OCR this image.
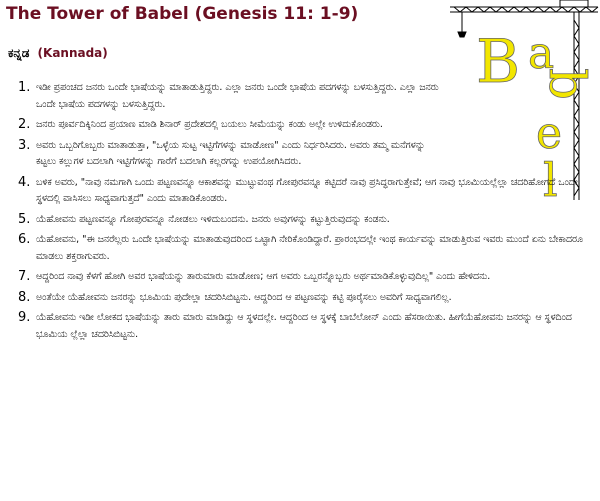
The Tower of Babel (Genesis 11: 1-9)
ಕನ್ನಡ (Kannada)	B a
b
e
l
1. ಇಡೀ ಪ್ರಪಂಚದ ಜನರು ಒಂದೇ ಭಾಷೆಯನ್ನು ಮಾತಾಡುತ್ತಿದ್ದರು. ಎಲ್ಲಾ ಜನರು ಒಂದೇ ಭಾಷೆಯ ಪದಗಳನ್ನು ಬಳಸುತ್ತಿದ್ದರು. ಎಲ್ಲಾ ಜನರು ಒಂದೇ ಭಾಷೆಯ ಪದಗಳನ್ನು ಬಳಸುತ್ತಿದ್ದರು.
2. ಜನರು ಪೂರ್ವದಿಕ್ಕಿನಿಂದ ಪ್ರಯಾಣ ಮಾಡಿ ಶಿನಾರ್ ಪ್ರದೇಶದಲ್ಲಿ ಬಯಲು ಸೀಮೆಯನ್ನು ಕಂಡು ಅಲ್ಲೇ ಉಳಿದುಕೊಂಡರು.
3. ಅವರು ಒಬ್ಬರಿಗೊಬ್ಬರು ಮಾತಾಡುತ್ತಾ, "ಒಳ್ಳೆಯ ಸುಟ್ಟ ಇಟ್ಟಿಗೆಗಳನ್ನು ಮಾಡೋಣ" ಎಂದು ನಿರ್ಧರಿಸಿದರು. ಅವರು ತಮ್ಮ ಮನೆಗಳನ್ನು ಕಟ್ಟಲು ಕಲ್ಲುಗಳ ಬದಲಾಗಿ ಇಟ್ಟಿಗೆಗಳನ್ನು ಗಾರೆಗೆ ಬದಲಾಗಿ ಕಲ್ಲರಗನ್ನು ಉಪಯೋಗಿಸಿದರು.
4. ಬಳಿಕ ಅವರು, "ನಾವು ನಮಗಾಗಿ ಒಂದು ಪಟ್ಟಣವನ್ನೂ ಆಕಾಶವನ್ನು ಮುಟ್ಟುವಂಥ ಗೋಪುರವನ್ನೂ ಕಟ್ಟಿದರೆ ನಾವು ಪ್ರಸಿದ್ಧರಾಗುತ್ತೇವೆ; ಆಗ ನಾವು ಭೂಮಿಯಲ್ಲೆಲ್ಲಾ ಚದರಿಹೋಗದೆ ಒಂದೇ ಸ್ಥಳದಲ್ಲಿ ವಾಸಿಸಲು ಸಾಧ್ಯವಾಗುತ್ತದೆ" ಎಂದು ಮಾತಾಡಿಕೊಂಡರು.
5. ಯೆಹೋವನು ಪಟ್ಟಣವನ್ನೂ ಗೋಪುರವನ್ನೂ ನೋಡಲು ಇಳಿದುಬಂದನು. ಜನರು ಅವುಗಳನ್ನು ಕಟ್ಟುತ್ತಿರುವುದನ್ನು ಕಂಡನು.
6. ಯೆಹೋವನು, "ಈ ಜನರೆಲ್ಲರು ಒಂದೇ ಭಾಷೆಯನ್ನು ಮಾತಾಡುವುದರಿಂದ ಒಟ್ಟಾಗಿ ನೇರಿಕೊಂಡಿದ್ದಾರೆ. ಪ್ರಾರಂಭದಲ್ಲೇ ಇಂಥ ಕಾರ್ಯವನ್ನು ಮಾಡುತ್ತಿರುವ ಇವರು ಮುಂದೆ ಏನು ಬೇಕಾದರೂ ಮಾಡಲು ಶಕ್ತರಾಗುವರು.
7. ಆದ್ದರಿಂದ ನಾವು ಕೆಳಗೆ ಹೋಗಿ ಅವರ ಭಾಷೆಯನ್ನು ತಾರುಮಾರು ಮಾಡೋಣ; ಆಗ ಅವರು ಒಬ್ಬರನ್ನೊಬ್ಬರು ಅರ್ಥಮಾಡಿಕೊಳ್ಳುವುದಿಲ್ಲ" ಎಂದು ಹೇಳಿದನು.
8. ಅಂತೆಯೇ ಯೆಹೋವನು ಜನರನ್ನು ಭೂಮಿಯ ಪುದೇಲ್ಲಾ ಚದರಿಸಿಬಿಟ್ಟನು. ಆದ್ದರಿಂದ ಆ ಪಟ್ಟಣವನ್ನು ಕಟ್ಟಿ ಪೂರೈಸಲು ಅವರಿಗೆ ಸಾಧ್ಯವಾಗಲಿಲ್ಲ.
9. ಯೆಹೋವನು ಇಡೀ ಲೋಕದ ಭಾಷೆಯನ್ನು ತಾರು ಮಾರು ಮಾಡಿದ್ದು ಆ ಸ್ಥಳದಲ್ಲೇ. ಆದ್ದರಿಂದ ಆ ಸ್ಥಳಕ್ಕೆ ಬಾಬೆಲೋನ್ ಎಂದು ಹೆಸರಾಯಿತು. ಹೀಗೆಯೆಹೋವನು ಜನರನ್ನು ಆ ಸ್ಥಳದಿಂದ ಭೂಮಿಯ ಲ್ಲೆಲ್ಲಾ ಚದರಿಸಿಬಿಟ್ಟನು.
